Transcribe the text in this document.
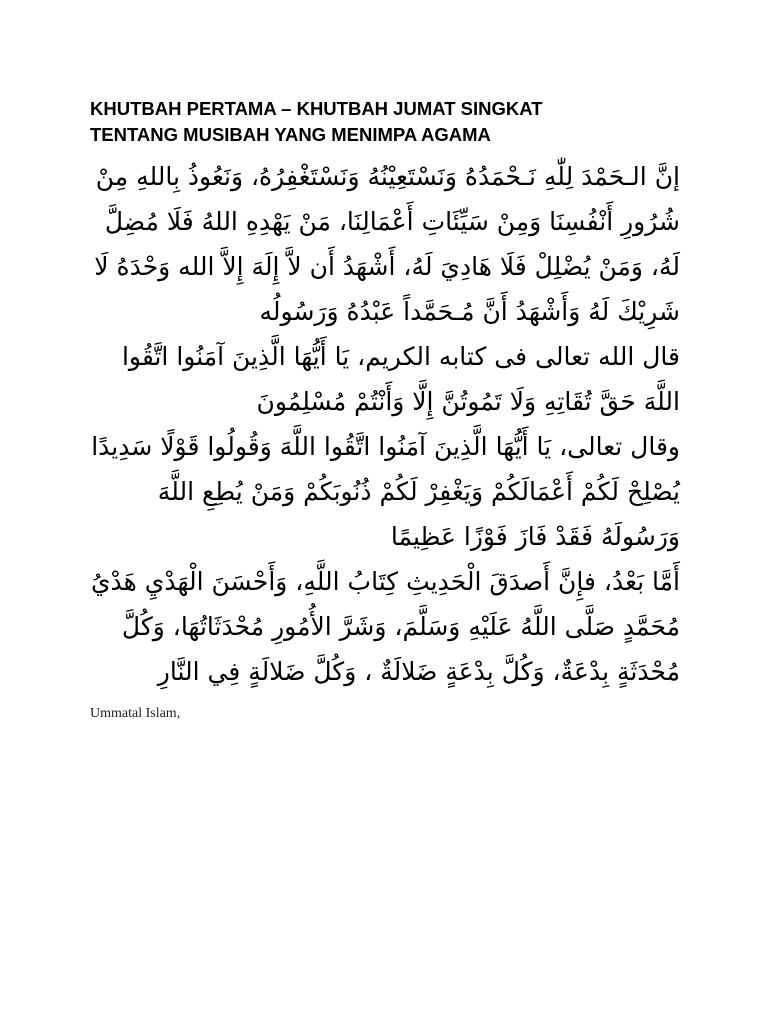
KHUTBAH PERTAMA – KHUTBAH JUMAT SINGKAT
TENTANG MUSIBAH YANG MENIMPA AGAMA

إنَّ الـحَمْدَ لِلّٰهِ نَـحْمَدُهُ وَنَسْتَعِيْنُهُ وَنَسْتَغْفِرُهُ، وَنَعُوذُ بِاللهِ مِنْ شُرُورِ أَنْفُسِنَا وَمِنْ سَيِّئَاتِ أَعْمَالِنَا، مَنْ يَهْدِهِ اللهُ فَلَا مُضِلَّ لَهُ، وَمَنْ يُضْلِلْ فَلَا هَادِيَ لَهُ، أَشْهَدُ أَن لاَّ إِلَهَ إِلاَّ الله وَحْدَهُ لَا شَرِيْكَ لَهُ وَأَشْهَدُ أَنَّ مُـحَمَّداً عَبْدُهُ وَرَسُولُه

قال الله تعالى فى كتابه الكريم، يَا أَيُّهَا الَّذِينَ آمَنُوا اتَّقُوا اللَّهَ حَقَّ تُقَاتِهِ وَلَا تَمُوتُنَّ إِلَّا وَأَنْتُمْ مُسْلِمُونَ

وقال تعالى، يَا أَيُّهَا الَّذِينَ آمَنُوا اتَّقُوا اللَّهَ وَقُولُوا قَوْلًا سَدِيدًا

يُصْلِحْ لَكُمْ أَعْمَالَكُمْ وَيَغْفِرْ لَكُمْ ذُنُوبَكُمْ وَمَنْ يُطِعِ اللَّهَ وَرَسُولَهُ فَقَدْ فَازَ فَوْزًا عَظِيمًا

أَمَّا بَعْدُ، فإِنَّ أَصدَقَ الْحَدِيثِ كِتَابُ اللَّهِ، وَأَحْسَنَ الْهَدْيِ هَدْيُ مُحَمَّدٍ صَلَّى اللَّهُ عَلَيْهِ وَسَلَّمَ، وَشَرَّ الأُمُورِ مُحْدَثَاتُهَا، وَكُلَّ مُحْدَثَةٍ بِدْعَةٌ، وَكُلَّ بِدْعَةٍ ضَلالَةٌ ، وَكُلَّ ضَلالَةٍ فِي النَّارِ

Ummatal Islam,
